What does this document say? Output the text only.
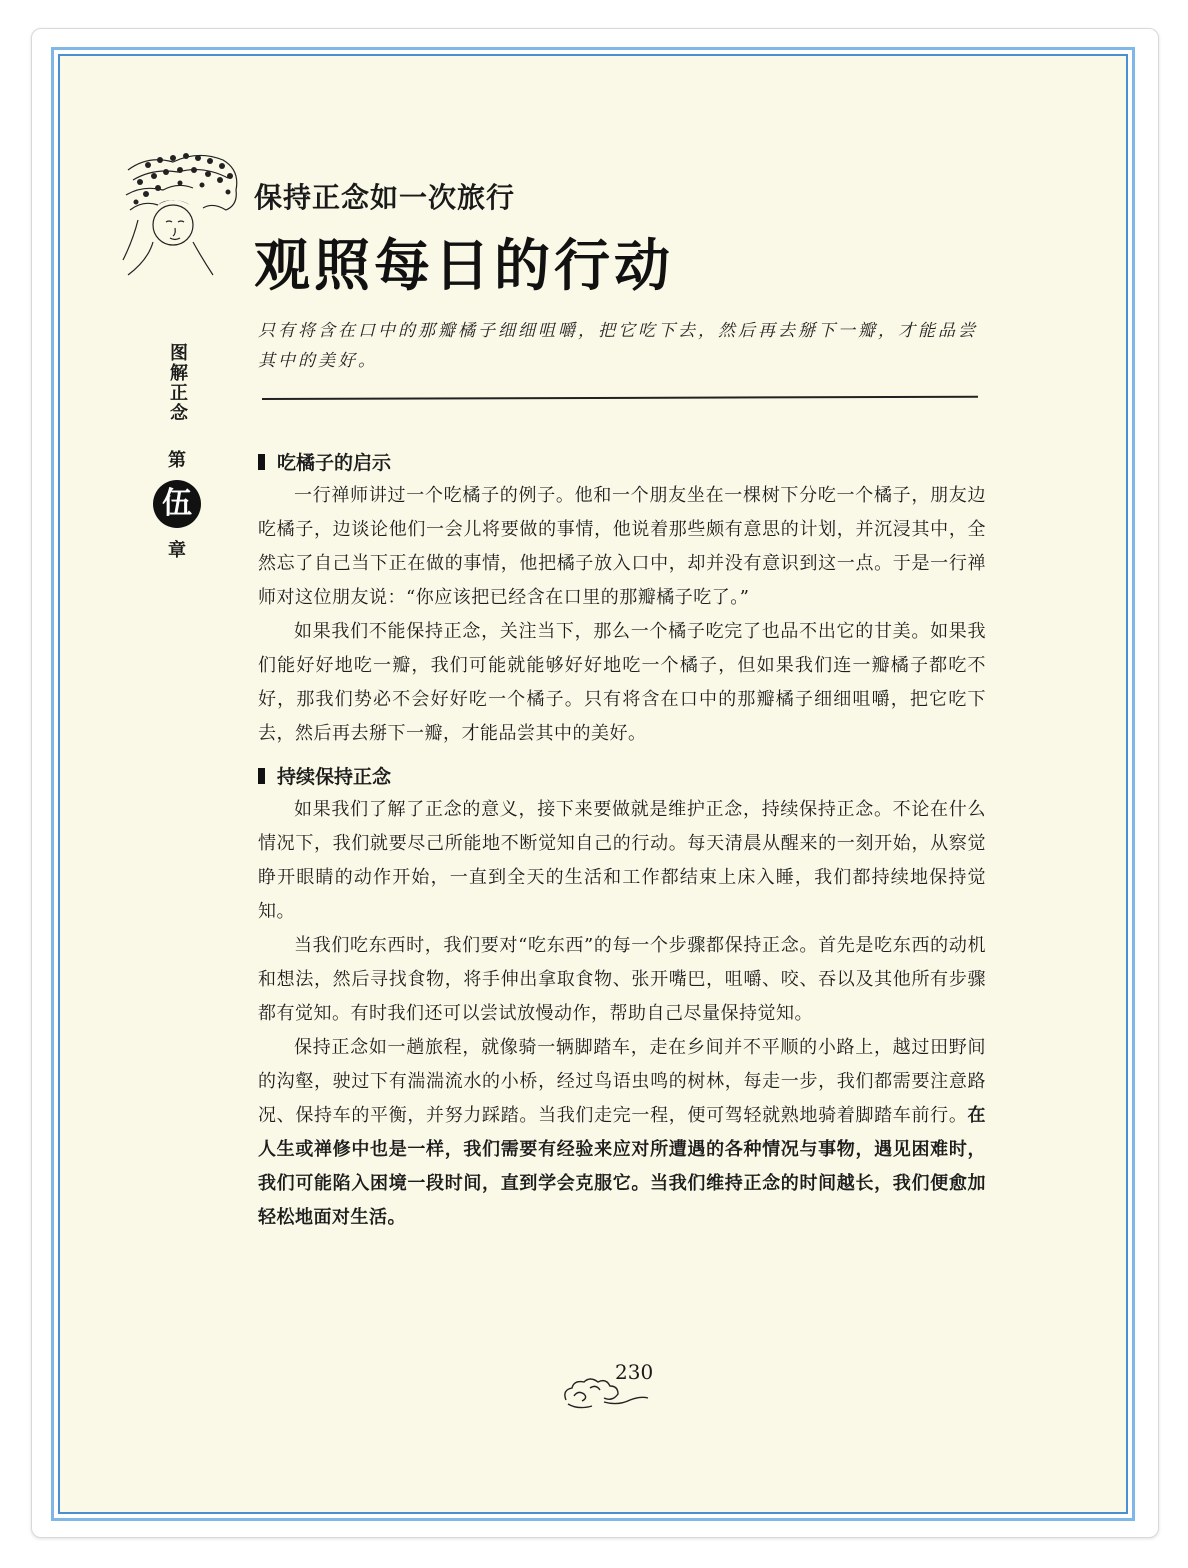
保持正念如一次旅行
观照每日的行动
只有将含在口中的那瓣橘子细细咀嚼，把它吃下去，然后再去掰下一瓣，才能品尝其中的美好。
图解正念
第
伍
章
吃橘子的启示

一行禅师讲过一个吃橘子的例子。他和一个朋友坐在一棵树下分吃一个橘子，朋友边吃橘子，边谈论他们一会儿将要做的事情，他说着那些颇有意思的计划，并沉浸其中，全然忘了自己当下正在做的事情，他把橘子放入口中，却并没有意识到这一点。于是一行禅师对这位朋友说：“你应该把已经含在口里的那瓣橘子吃了。”

如果我们不能保持正念，关注当下，那么一个橘子吃完了也品不出它的甘美。如果我们能好好地吃一瓣，我们可能就能够好好地吃一个橘子，但如果我们连一瓣橘子都吃不好，那我们势必不会好好吃一个橘子。只有将含在口中的那瓣橘子细细咀嚼，把它吃下去，然后再去掰下一瓣，才能品尝其中的美好。

持续保持正念

如果我们了解了正念的意义，接下来要做就是维护正念，持续保持正念。不论在什么情况下，我们就要尽己所能地不断觉知自己的行动。每天清晨从醒来的一刻开始，从察觉睁开眼睛的动作开始，一直到全天的生活和工作都结束上床入睡，我们都持续地保持觉知。

当我们吃东西时，我们要对“吃东西”的每一个步骤都保持正念。首先是吃东西的动机和想法，然后寻找食物，将手伸出拿取食物、张开嘴巴，咀嚼、咬、吞以及其他所有步骤都有觉知。有时我们还可以尝试放慢动作，帮助自己尽量保持觉知。

保持正念如一趟旅程，就像骑一辆脚踏车，走在乡间并不平顺的小路上，越过田野间的沟壑，驶过下有湍湍流水的小桥，经过鸟语虫鸣的树林，每走一步，我们都需要注意路况、保持车的平衡，并努力踩踏。当我们走完一程，便可驾轻就熟地骑着脚踏车前行。在人生或禅修中也是一样，我们需要有经验来应对所遭遇的各种情况与事物，遇见困难时，我们可能陷入困境一段时间，直到学会克服它。当我们维持正念的时间越长，我们便愈加轻松地面对生活。

230
